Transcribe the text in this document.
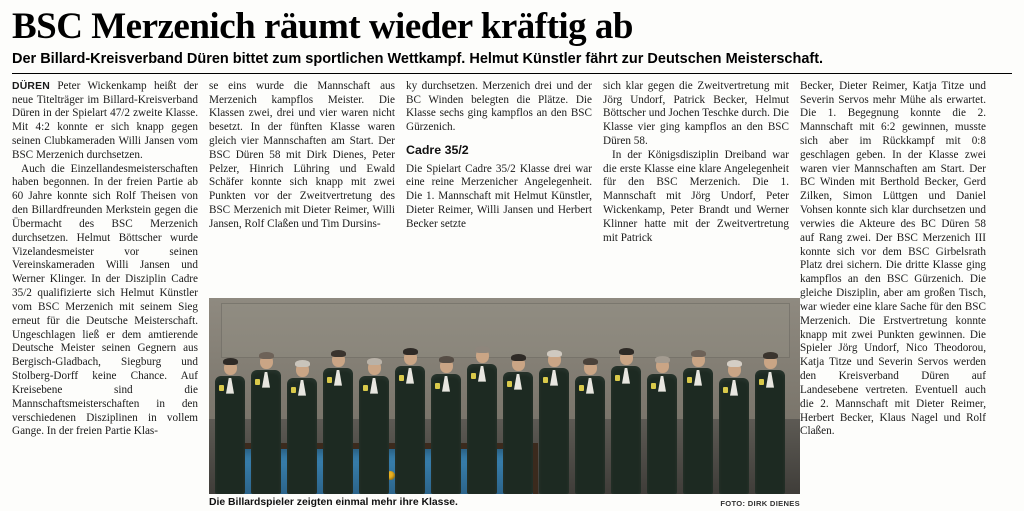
BSC Merzenich räumt wieder kräftig ab
Der Billard-Kreisverband Düren bittet zum sportlichen Wettkampf. Helmut Künstler fährt zur Deutschen Meisterschaft.

DÜREN Peter Wickenkamp heißt der neue Titelträger im Billard-Kreisverband Düren in der Spielart 47/2 zweite Klasse. Mit 4:2 konnte er sich knapp gegen seinen Clubkameraden Willi Jansen vom BSC Merzenich durchsetzen.

Auch die Einzellandesmeisterschaften haben begonnen. In der freien Partie ab 60 Jahre konnte sich Rolf Theisen von den Billardfreunden Merkstein gegen die Übermacht des BSC Merzenich durchsetzen. Helmut Böttscher wurde Vizelandesmeister vor seinen Vereinskameraden Willi Jansen und Werner Klinger. In der Disziplin Cadre 35/2 qualifizierte sich Helmut Künstler vom BSC Merzenich mit seinem Sieg erneut für die Deutsche Meisterschaft. Ungeschlagen ließ er dem amtierende Deutsche Meister seinen Gegnern aus Bergisch-Gladbach, Siegburg und Stolberg-Dorff keine Chance. Auf Kreisebene sind die Mannschaftsmeisterschaften in den verschiedenen Disziplinen in vollem Gange. In der freien Partie Klas-

se eins wurde die Mannschaft aus Merzenich kampflos Meister. Die Klassen zwei, drei und vier waren nicht besetzt. In der fünften Klasse waren gleich vier Mannschaften am Start. Der BSC Düren 58 mit Dirk Dienes, Peter Pelzer, Hinrich Lühring und Ewald Schäfer konnte sich knapp mit zwei Punkten vor der Zweitvertretung des BSC Merzenich mit Dieter Reimer, Willi Jansen, Rolf Claßen und Tim Dursins-

ky durchsetzen. Merzenich drei und der BC Winden belegten die Plätze. Die Klasse sechs ging kampflos an den BSC Gürzenich.

Cadre 35/2

Die Spielart Cadre 35/2 Klasse drei war eine reine Merzenicher Angelegenheit. Die 1. Mannschaft mit Helmut Künstler, Dieter Reimer, Willi Jansen und Herbert Becker setzte

sich klar gegen die Zweitvertretung mit Jörg Undorf, Patrick Becker, Helmut Böttscher und Jochen Teschke durch. Die Klasse vier ging kampflos an den BSC Düren 58.

In der Königsdisziplin Dreiband war die erste Klasse eine klare Angelegenheit für den BSC Merzenich. Die 1. Mannschaft mit Jörg Undorf, Peter Wickenkamp, Peter Brandt und Werner Klinner hatte mit der Zweitvertretung mit Patrick

Becker, Dieter Reimer, Katja Titze und Severin Servos mehr Mühe als erwartet. Die 1. Begegnung konnte die 2. Mannschaft mit 6:2 gewinnen, musste sich aber im Rückkampf mit 0:8 geschlagen geben. In der Klasse zwei waren vier Mannschaften am Start. Der BC Winden mit Berthold Becker, Gerd Zilken, Simon Lüttgen und Daniel Vohsen konnte sich klar durchsetzen und verwies die Akteure des BC Düren 58 auf Rang zwei. Der BSC Merzenich III konnte sich vor dem BSC Girbelsrath Platz drei sichern. Die dritte Klasse ging kampflos an den BSC Gürzenich. Die gleiche Disziplin, aber am großen Tisch, war wieder eine klare Sache für den BSC Merzenich. Die Erstvertretung konnte knapp mit zwei Punkten gewinnen. Die Spieler Jörg Undorf, Nico Theodorou, Katja Titze und Severin Servos werden den Kreisverband Düren auf Landesebene vertreten. Eventuell auch die 2. Mannschaft mit Dieter Reimer, Herbert Becker, Klaus Nagel und Rolf Claßen.

Die Billardspieler zeigten einmal mehr ihre Klasse.	FOTO: DIRK DIENES
